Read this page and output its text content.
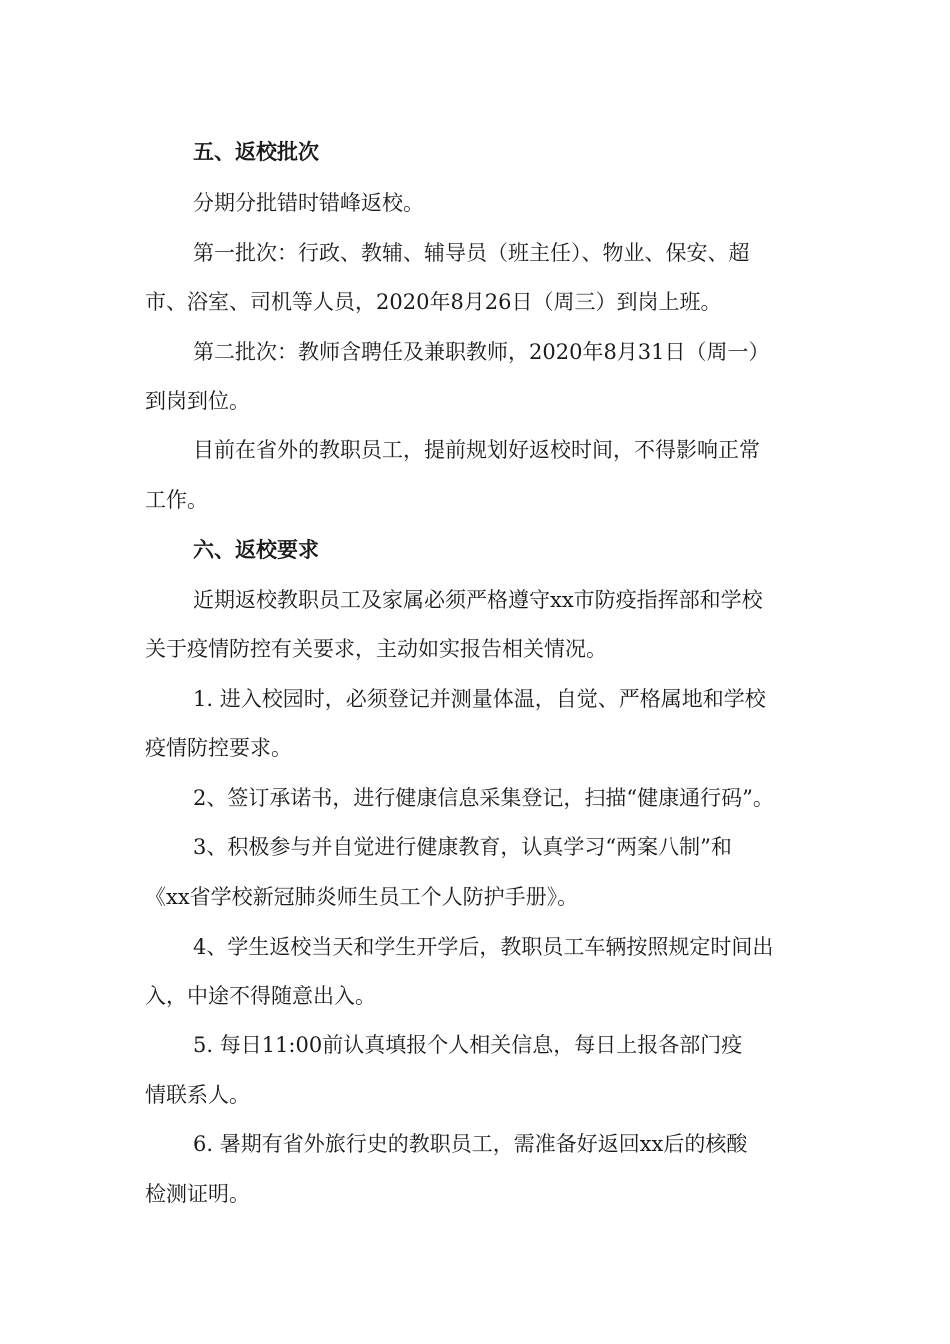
五、返校批次
分期分批错时错峰返校。
第一批次：行政、教辅、辅导员（班主任）、物业、保安、超
市、浴室、司机等人员，2020年8月26日（周三）到岗上班。
第二批次：教师含聘任及兼职教师，2020年8月31日（周一）
到岗到位。
目前在省外的教职员工，提前规划好返校时间，不得影响正常
工作。
六、返校要求
近期返校教职员工及家属必须严格遵守xx市防疫指挥部和学校
关于疫情防控有关要求，主动如实报告相关情况。
1. 进入校园时，必须登记并测量体温，自觉、严格属地和学校
疫情防控要求。
2、签订承诺书，进行健康信息采集登记，扫描“健康通行码”。
3、积极参与并自觉进行健康教育，认真学习“两案八制”和
《xx省学校新冠肺炎师生员工个人防护手册》。
4、学生返校当天和学生开学后，教职员工车辆按照规定时间出
入，中途不得随意出入。
5. 每日11:00前认真填报个人相关信息，每日上报各部门疫
情联系人。
6. 暑期有省外旅行史的教职员工，需准备好返回xx后的核酸
检测证明。
